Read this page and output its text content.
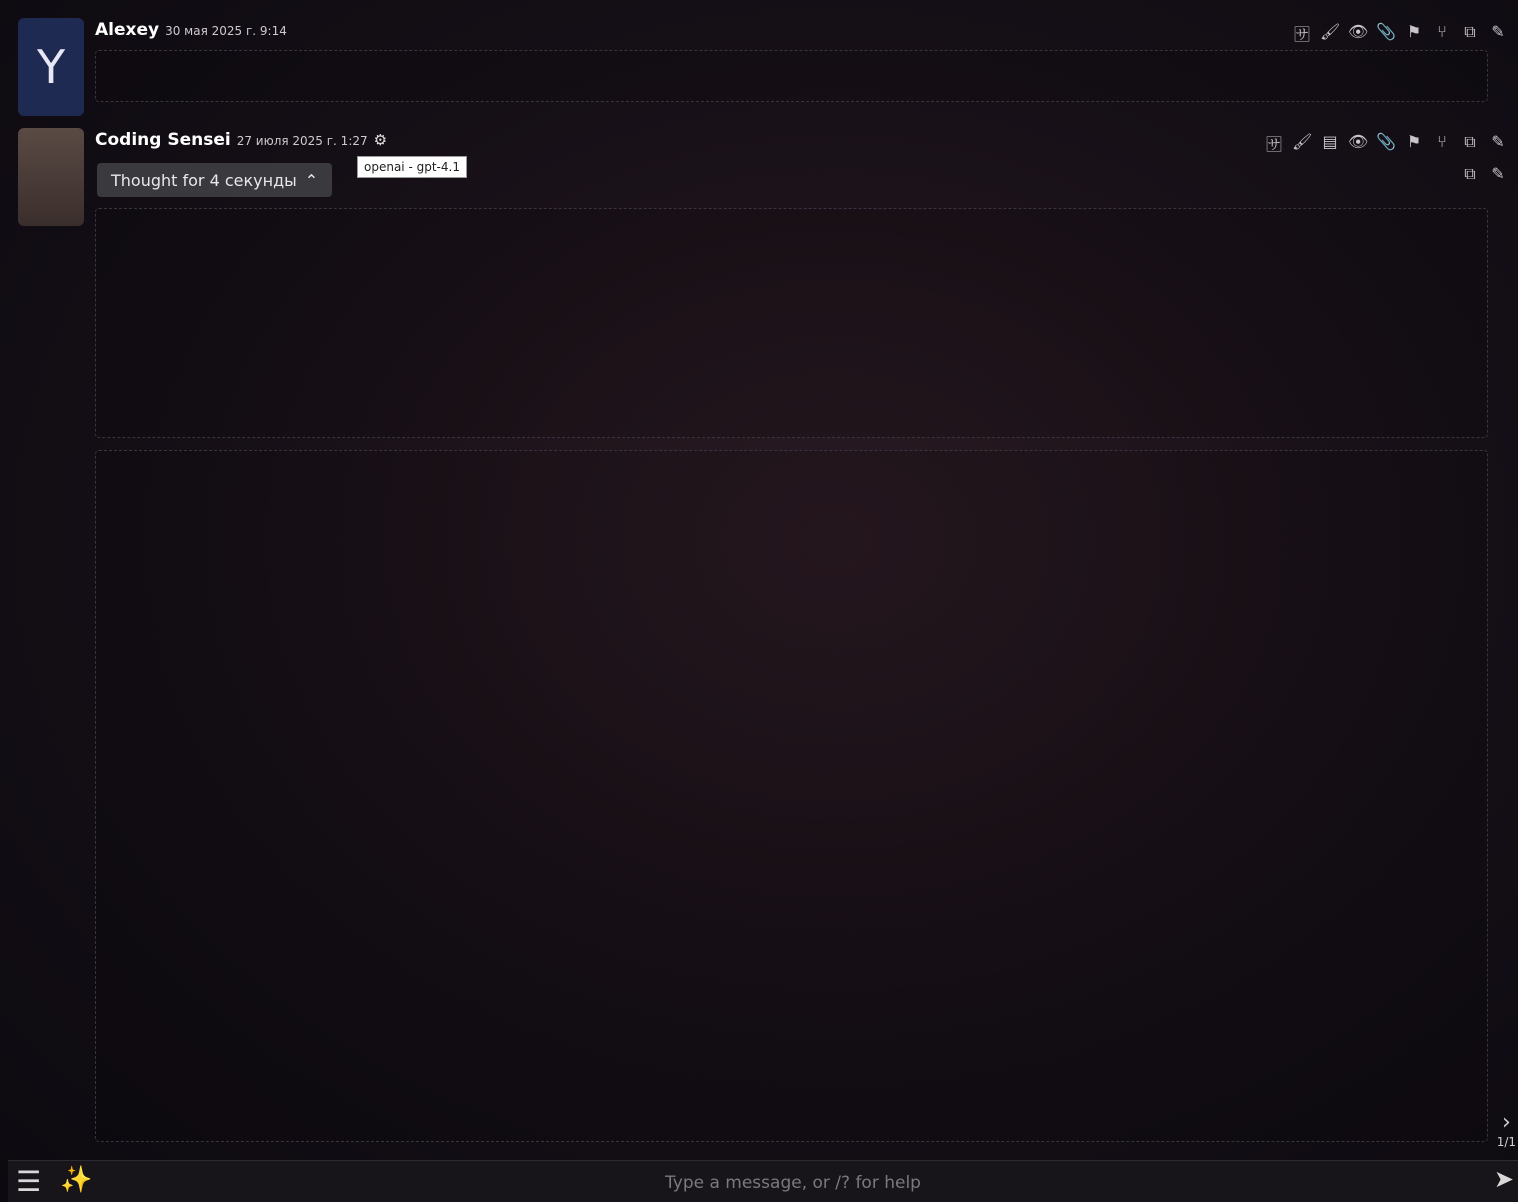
Y
Alexey 30 мая 2025 г. 9:14	🈂 🖌 👁 📎 ⚑	⑂	⧉ ✎
Coding Sensei 27 июля 2025 г. 1:27 ⚙
openai - gpt-4.1
🈂 🖌 ▤ 👁 📎 ⚑	⑂	⧉ ✎
⧉ ✎
Thought for 4 секунды ⌃
›
1/1
☰ ✨
Type a message, or /? for help	➤
